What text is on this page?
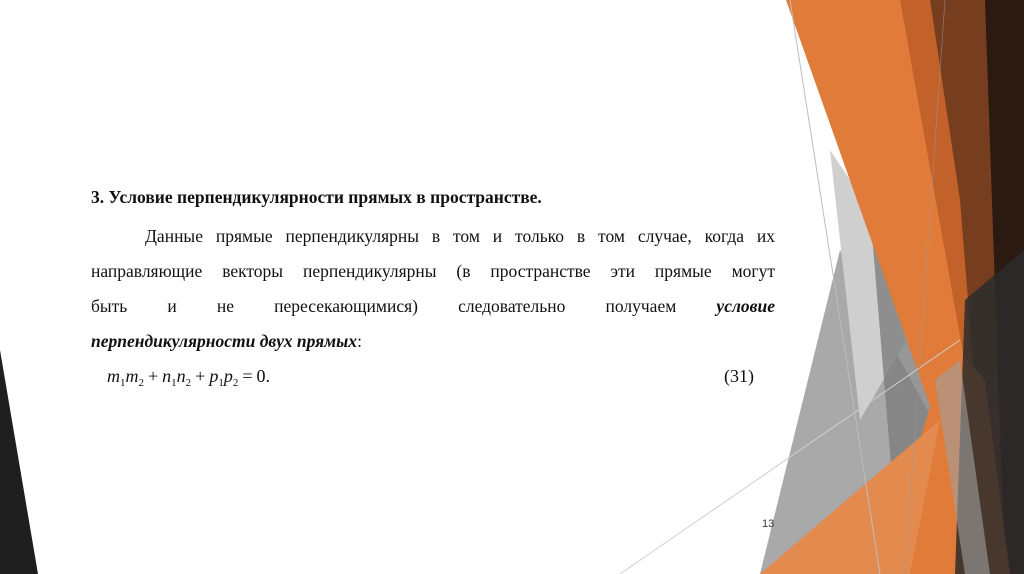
3. Условие перпендикулярности прямых в пространстве.
Данные прямые перпендикулярны в том и только в том случае, когда их
направляющие векторы перпендикулярны (в пространстве эти прямые могут
быть и не пересекающимися) следовательно получаем условие
перпендикулярности двух прямых:
$m_1m_2 + n_1n_2 + p_1p_2 = 0$.	(31)
13
